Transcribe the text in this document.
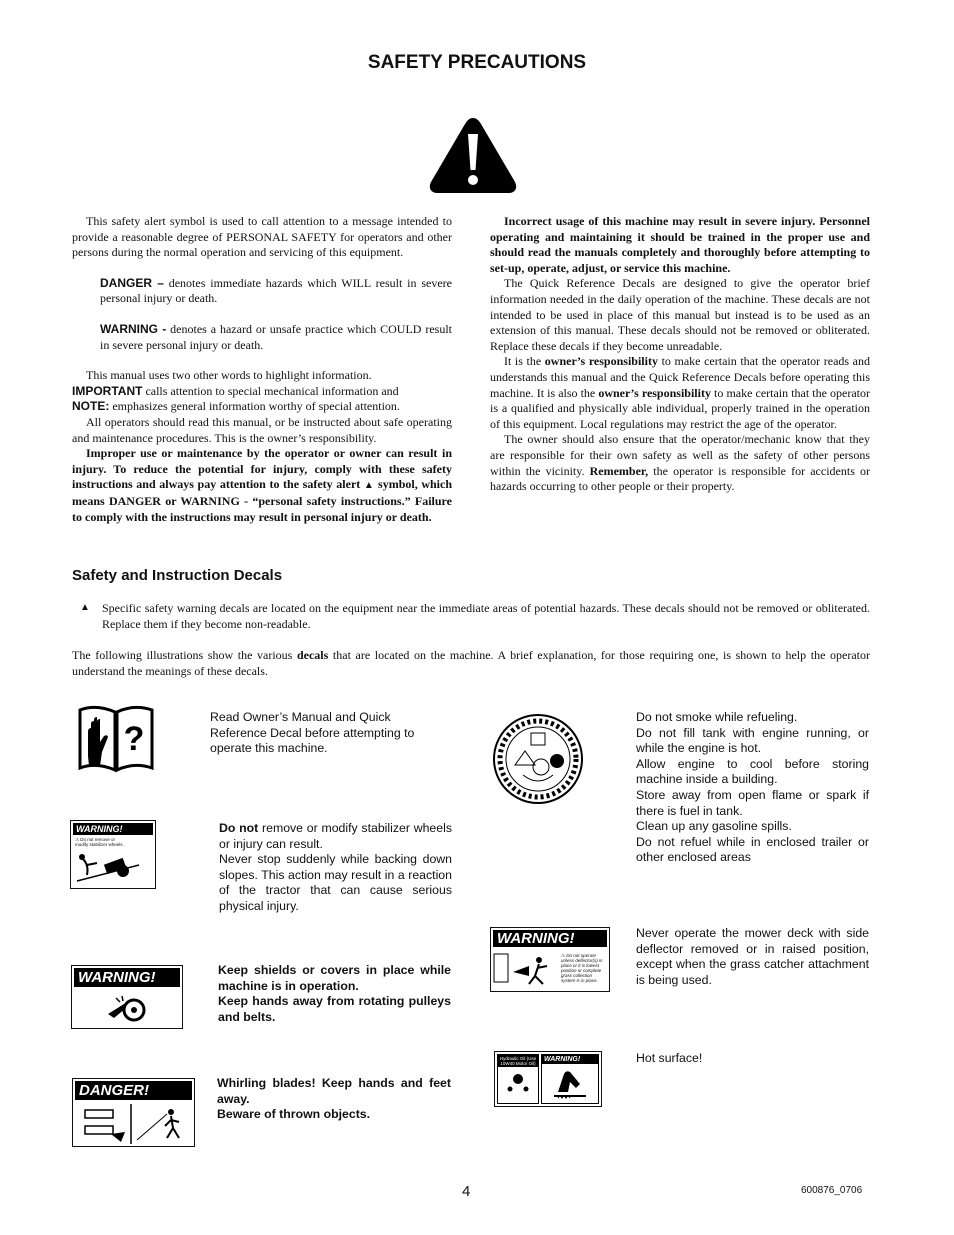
SAFETY PRECAUTIONS

This safety alert symbol is used to call attention to a message intended to provide a reasonable degree of PERSONAL SAFETY for operators and other persons during the normal operation and servicing of this equipment.

DANGER – denotes immediate hazards which WILL result in severe personal injury or death.

WARNING - denotes a hazard or unsafe practice which COULD result in severe personal injury or death.

This manual uses two other words to highlight information.

IMPORTANT calls attention to special mechanical information and

NOTE: emphasizes general information worthy of special attention.

All operators should read this manual, or be instructed about safe operating and maintenance procedures. This is the owner’s responsibility.

Improper use or maintenance by the operator or owner can result in injury. To reduce the potential for injury, comply with these safety instructions and always pay attention to the safety alert ▲ symbol, which means DANGER or WARNING - “personal safety instructions.” Failure to comply with the instructions may result in personal injury or death.

Incorrect usage of this machine may result in severe injury. Personnel operating and maintaining it should be trained in the proper use and should read the manuals completely and thoroughly before attempting to set-up, operate, adjust, or service this machine.

The Quick Reference Decals are designed to give the operator brief information needed in the daily operation of the machine. These decals are not intended to be used in place of this manual but instead is to be used as an extension of this manual. These decals should not be removed or obliterated. Replace these decals if they become unreadable.

It is the owner’s responsibility to make certain that the operator reads and understands this manual and the Quick Reference Decals before operating this machine. It is also the owner’s responsibility to make certain that the operator is a qualified and physically able individual, properly trained in the operation of this equipment. Local regulations may restrict the age of the operator.

The owner should also ensure that the operator/mechanic know that they are responsible for their own safety as well as the safety of other persons within the vicinity. Remember, the operator is responsible for accidents or hazards occurring to other people or their property.

Safety and Instruction Decals
▲ Specific safety warning decals are located on the equipment near the immediate areas of potential hazards. These decals should not be removed or obliterated. Replace them if they become non-readable.
The following illustrations show the various decals that are located on the machine. A brief explanation, for those requiring one, is shown to help the operator understand the meanings of these decals.
?
Read Owner’s Manual and Quick Reference Decal before attempting to operate this machine.
WARNING!
⚠ Do not remove or modify stabilizer wheels.

Do not remove or modify stabilizer wheels or injury can result.

Never stop suddenly while backing down slopes. This action may result in a reaction of the tractor that can cause serious physical injury.

WARNING!	Keep shields or covers in place while machine is in operation.

Keep hands away from rotating pulleys and belts.

DANGER!	Whirling blades! Keep hands and feet away.

Beware of thrown objects.

Do not smoke while refueling.

Do not fill tank with engine running, or while the engine is hot.

Allow engine to cool before storing machine inside a building.

Store away from open flame or spark if there is fuel in tank.

Clean up any gasoline spills.

Do not refuel while in enclosed trailer or other enclosed areas

WARNING!
⚠ Do not operate unless deflector(s) in place or it is lowest position or complete grass collection system is in place.
Never operate the mower deck with side deflector removed or in raised position, except when the grass catcher attachment is being used.
Hydraulic Oil (Use 10W40 Motor Oil)
WARNING!	Hot surface!
4	600876_0706
